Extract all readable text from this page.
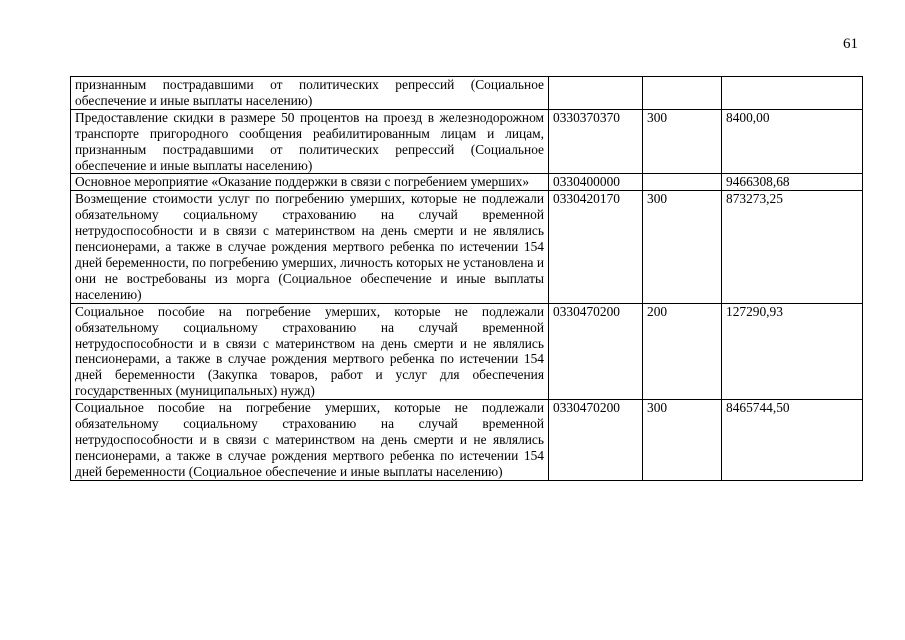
61
признанным пострадавшими от политических репрессий (Социальное обеспечение и иные выплаты населению)			
Предоставление скидки в размере 50 процентов на проезд в железнодорожном транспорте пригородного сообщения реабилитированным лицам и лицам, признанным пострадавшими от политических репрессий (Социальное обеспечение и иные выплаты населению)	0330370370	300	8400,00
Основное мероприятие «Оказание поддержки в связи с погребением умерших»	0330400000		9466308,68
Возмещение стоимости услуг по погребению умерших, которые не подлежали обязательному социальному страхованию на случай временной нетрудоспособности и в связи с материнством на день смерти и не являлись пенсионерами, а также в случае рождения мертвого ребенка по истечении 154 дней беременности, по погребению умерших, личность которых не установлена и они не востребованы из морга (Социальное обеспечение и иные выплаты населению)	0330420170	300	873273,25
Социальное пособие на погребение умерших, которые не подлежали обязательному социальному страхованию на случай временной нетрудоспособности и в связи с материнством на день смерти и не являлись пенсионерами, а также в случае рождения мертвого ребенка по истечении 154 дней беременности (Закупка товаров, работ и услуг для обеспечения государственных (муниципальных) нужд)	0330470200	200	127290,93
Социальное пособие на погребение умерших, которые не подлежали обязательному социальному страхованию на случай временной нетрудоспособности и в связи с материнством на день смерти и не являлись пенсионерами, а также в случае рождения мертвого ребенка по истечении 154 дней беременности (Социальное обеспечение и иные выплаты населению)	0330470200	300	8465744,50
